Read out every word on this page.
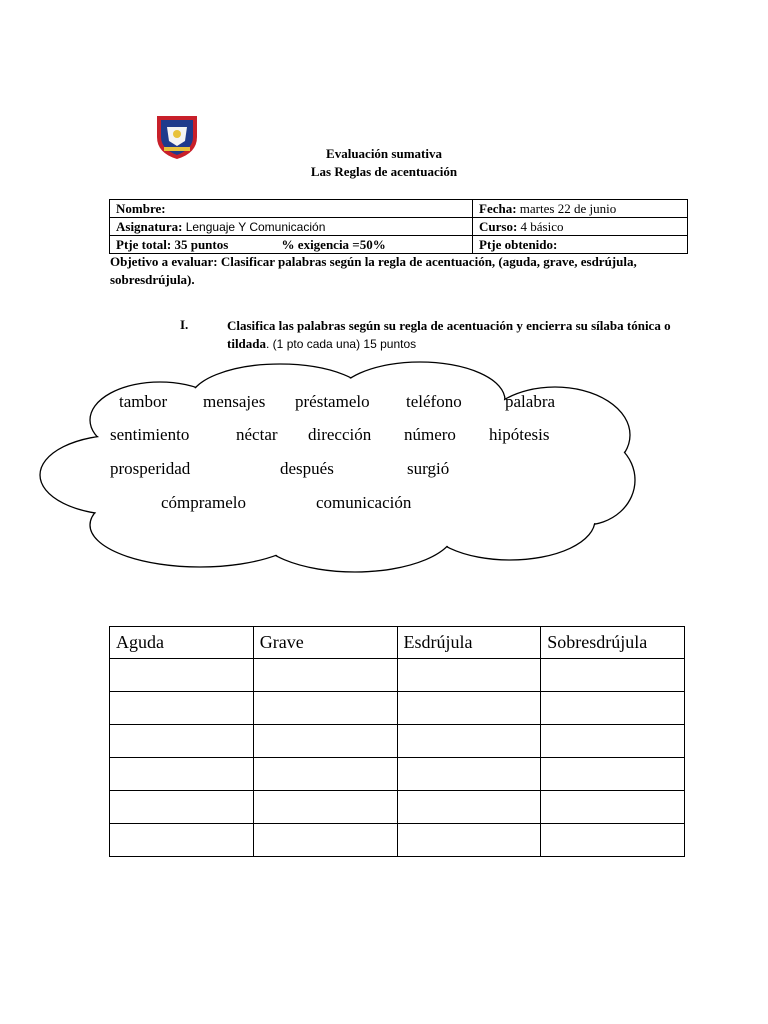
Evaluación sumativa
Las Reglas de acentuación
Nombre:	Fecha: martes 22 de junio
Asignatura: Lenguaje Y Comunicación	Curso: 4 básico
Ptje total: 35 puntos % exigencia =50%	Ptje obtenido:
Objetivo a evaluar: Clasificar palabras según la regla de acentuación, (aguda, grave, esdrújula, sobresdrújula).
I.	Clasifica las palabras según su regla de acentuación y encierra su sílaba tónica o tildada. (1 pto cada una) 15 puntos
tambor mensajes préstamelo teléfono	palabra
sentimiento	néctar dirección número hipótesis
prosperidad	después	surgió
cómpramelo	comunicación
Aguda	Grave	Esdrújula	Sobresdrújula
